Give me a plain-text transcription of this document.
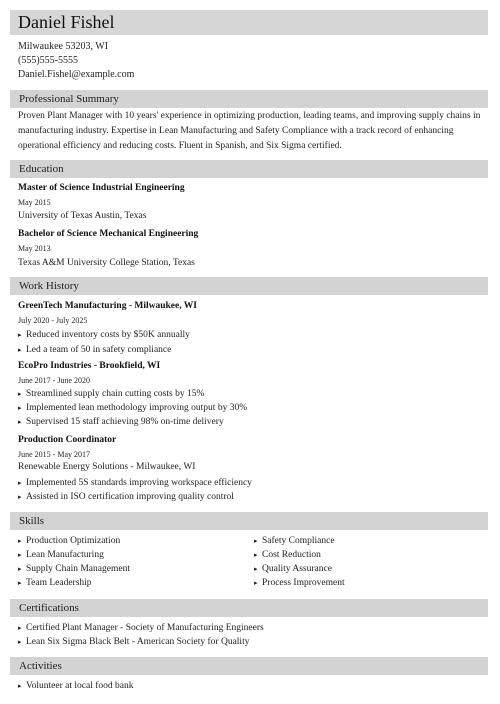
Daniel Fishel
Milwaukee 53203, WI
(555)555-5555
Daniel.Fishel@example.com
Professional Summary
Proven Plant Manager with 10 years' experience in optimizing production, leading teams, and improving supply chains in manufacturing industry. Expertise in Lean Manufacturing and Safety Compliance with a track record of enhancing operational efficiency and reducing costs. Fluent in Spanish, and Six Sigma certified.
Education
Master of Science Industrial Engineering
May 2015
University of Texas Austin, Texas
Bachelor of Science Mechanical Engineering
May 2013
Texas A&M University College Station, Texas
Work History
GreenTech Manufacturing - Milwaukee, WI
July 2020 - July 2025
▸ Reduced inventory costs by $50K annually
▸ Led a team of 50 in safety compliance
EcoPro Industries - Brookfield, WI
June 2017 - June 2020
▸ Streamlined supply chain cutting costs by 15%
▸ Implemented lean methodology improving output by 30%
▸ Supervised 15 staff achieving 98% on-time delivery
Production Coordinator
June 2015 - May 2017
Renewable Energy Solutions - Milwaukee, WI
▸ Implemented 5S standards improving workspace efficiency
▸ Assisted in ISO certification improving quality control
Skills
▸ Production Optimization
▸ Lean Manufacturing
▸ Supply Chain Management
▸ Team Leadership
▸ Safety Compliance
▸ Cost Reduction
▸ Quality Assurance
▸ Process Improvement
Certifications
▸ Certified Plant Manager - Society of Manufacturing Engineers
▸ Lean Six Sigma Black Belt - American Society for Quality
Activities
▸ Volunteer at local food bank
